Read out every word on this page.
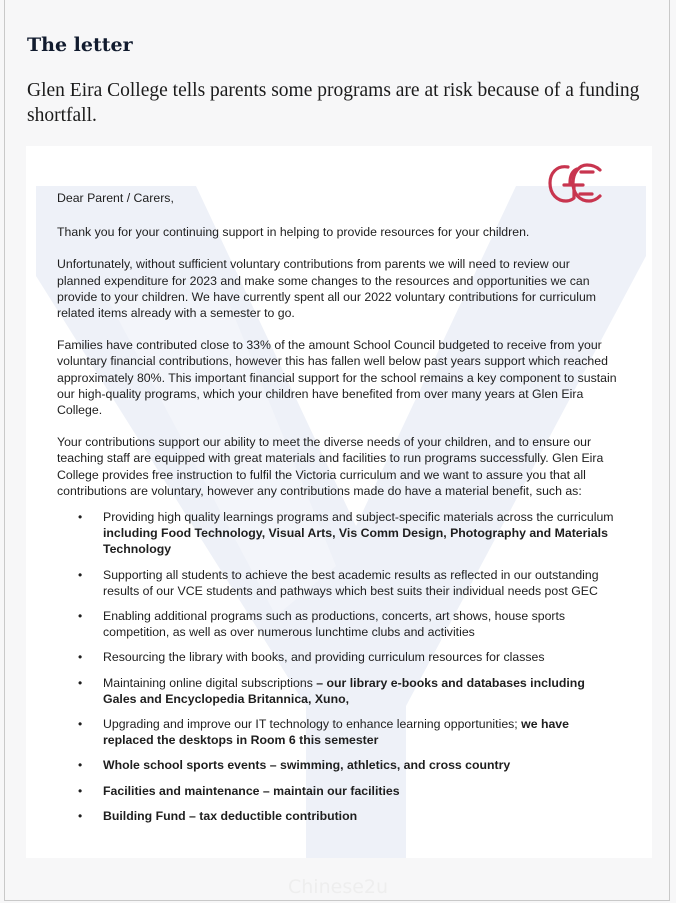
The letter

Glen Eira College tells parents some programs are at risk because of a funding shortfall.

Dear Parent / Carers,

Thank you for your continuing support in helping to provide resources for your children.

Unfortunately, without sufficient voluntary contributions from parents we will need to review our planned expenditure for 2023 and make some changes to the resources and opportunities we can provide to your children. We have currently spent all our 2022 voluntary contributions for curriculum related items already with a semester to go.

Families have contributed close to 33% of the amount School Council budgeted to receive from your voluntary financial contributions, however this has fallen well below past years support which reached approximately 80%. This important financial support for the school remains a key component to sustain our high-quality programs, which your children have benefited from over many years at Glen Eira College.

Your contributions support our ability to meet the diverse needs of your children, and to ensure our teaching staff are equipped with great materials and facilities to run programs successfully. Glen Eira College provides free instruction to fulfil the Victoria curriculum and we want to assure you that all contributions are voluntary, however any contributions made do have a material benefit, such as:

• Providing high quality learnings programs and subject-specific materials across the curriculum including Food Technology, Visual Arts, Vis Comm Design, Photography and Materials Technology
• Supporting all students to achieve the best academic results as reflected in our outstanding results of our VCE students and pathways which best suits their individual needs post GEC
• Enabling additional programs such as productions, concerts, art shows, house sports competition, as well as over numerous lunchtime clubs and activities
• Resourcing the library with books, and providing curriculum resources for classes
• Maintaining online digital subscriptions – our library e-books and databases including Gales and Encyclopedia Britannica, Xuno,
• Upgrading and improve our IT technology to enhance learning opportunities; we have replaced the desktops in Room 6 this semester
• Whole school sports events – swimming, athletics, and cross country
• Facilities and maintenance – maintain our facilities
• Building Fund – tax deductible contribution
Chinese2u
